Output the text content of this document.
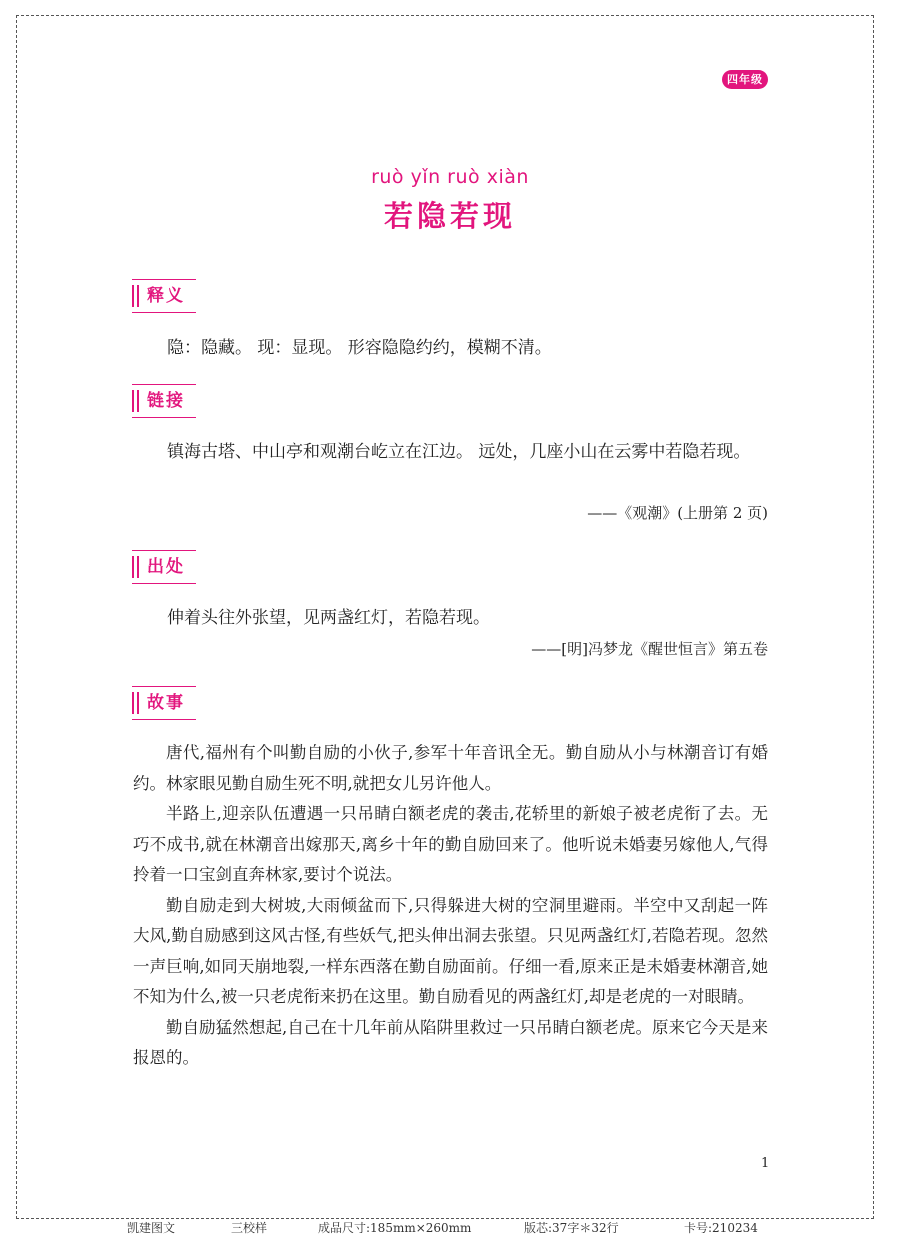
四年级
ruò yǐn ruò xiàn
若隐若现
释义

隐：隐藏。 现：显现。 形容隐隐约约，模糊不清。

链接

镇海古塔、中山亭和观潮台屹立在江边。 远处，几座小山在云雾中若隐若现。

——《观潮》(上册第 2 页)

出处

伸着头往外张望，见两盏红灯，若隐若现。

——[明]冯梦龙《醒世恒言》第五卷

故事

唐代,福州有个叫勤自励的小伙子,参军十年音讯全无。勤自励从小与林潮音订有婚约。林家眼见勤自励生死不明,就把女儿另许他人。

半路上,迎亲队伍遭遇一只吊睛白额老虎的袭击,花轿里的新娘子被老虎衔了去。无巧不成书,就在林潮音出嫁那天,离乡十年的勤自励回来了。他听说未婚妻另嫁他人,气得拎着一口宝剑直奔林家,要讨个说法。

勤自励走到大树坡,大雨倾盆而下,只得躲进大树的空洞里避雨。半空中又刮起一阵大风,勤自励感到这风古怪,有些妖气,把头伸出洞去张望。只见两盏红灯,若隐若现。忽然一声巨响,如同天崩地裂,一样东西落在勤自励面前。仔细一看,原来正是未婚妻林潮音,她不知为什么,被一只老虎衔来扔在这里。勤自励看见的两盏红灯,却是老虎的一对眼睛。

勤自励猛然想起,自己在十几年前从陷阱里救过一只吊睛白额老虎。原来它今天是来报恩的。

1
凯建图文	三校样	成品尺寸:185mm×260mm	版芯:37字＊32行	卡号:210234
